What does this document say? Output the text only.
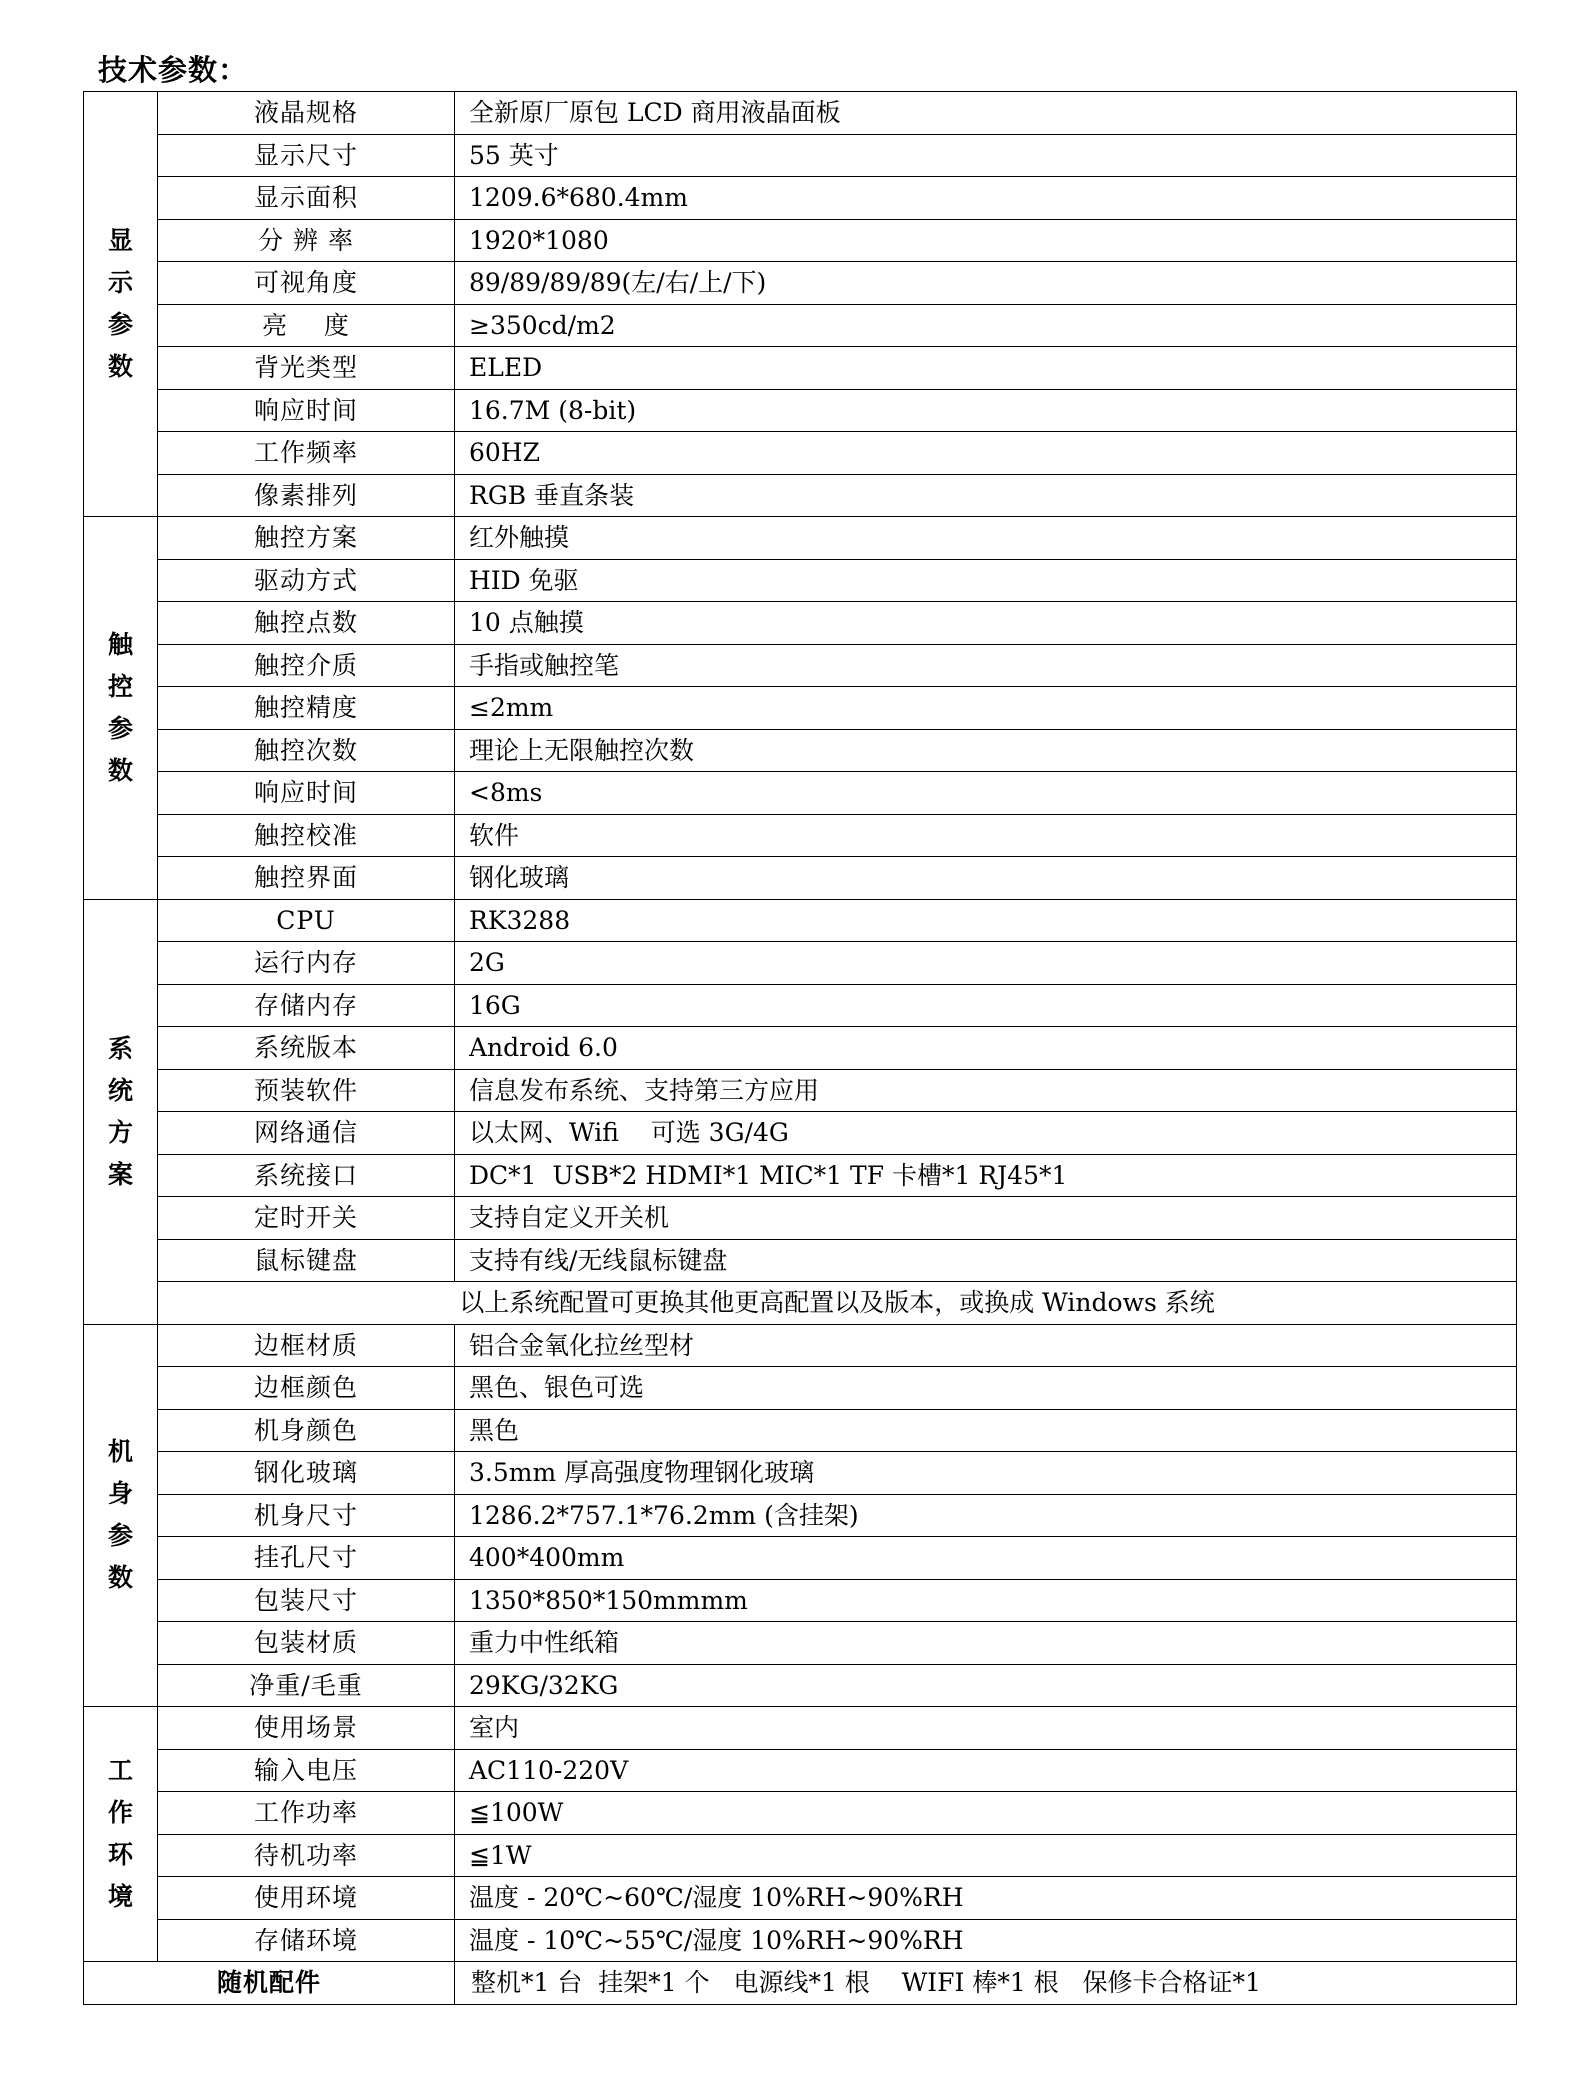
技术参数：
显示参数	液晶规格	全新原厂原包 LCD 商用液晶面板
	显示尺寸	55 英寸
	显示面积	1209.6*680.4mm
	分 辨 率	1920*1080
	可视角度	89/89/89/89(左/右/上/下)
	亮    度	≥350cd/m2
	背光类型	ELED
	响应时间	16.7M (8-bit)
	工作频率	60HZ
	像素排列	RGB 垂直条装
触控参数	触控方案	红外触摸
	驱动方式	HID 免驱
	触控点数	10 点触摸
	触控介质	手指或触控笔
	触控精度	≤2mm
	触控次数	理论上无限触控次数
	响应时间	<8ms
	触控校准	软件
	触控界面	钢化玻璃
系统方案	CPU	RK3288
	运行内存	2G
	存储内存	16G
	系统版本	Android 6.0
	预装软件	信息发布系统、支持第三方应用
	网络通信	以太网、Wifi    可选 3G/4G
	系统接口	DC*1  USB*2 HDMI*1 MIC*1 TF 卡槽*1 RJ45*1
	定时开关	支持自定义开关机
	鼠标键盘	支持有线/无线鼠标键盘
	以上系统配置可更换其他更高配置以及版本，或换成 Windows 系统	
机身参数	边框材质	铝合金氧化拉丝型材
	边框颜色	黑色、银色可选
	机身颜色	黑色
	钢化玻璃	3.5mm 厚高强度物理钢化玻璃
	机身尺寸	1286.2*757.1*76.2mm (含挂架)
	挂孔尺寸	400*400mm
	包装尺寸	1350*850*150mmmm
	包装材质	重力中性纸箱
	净重/毛重	29KG/32KG
工作环境	使用场景	室内
	输入电压	AC110-220V
	工作功率	≦100W
	待机功率	≦1W
	使用环境	温度 - 20℃~60℃/湿度 10%RH~90%RH
	存储环境	温度 - 10℃~55℃/湿度 10%RH~90%RH
随机配件		整机*1 台  挂架*1 个   电源线*1 根    WIFI 棒*1 根   保修卡合格证*1
